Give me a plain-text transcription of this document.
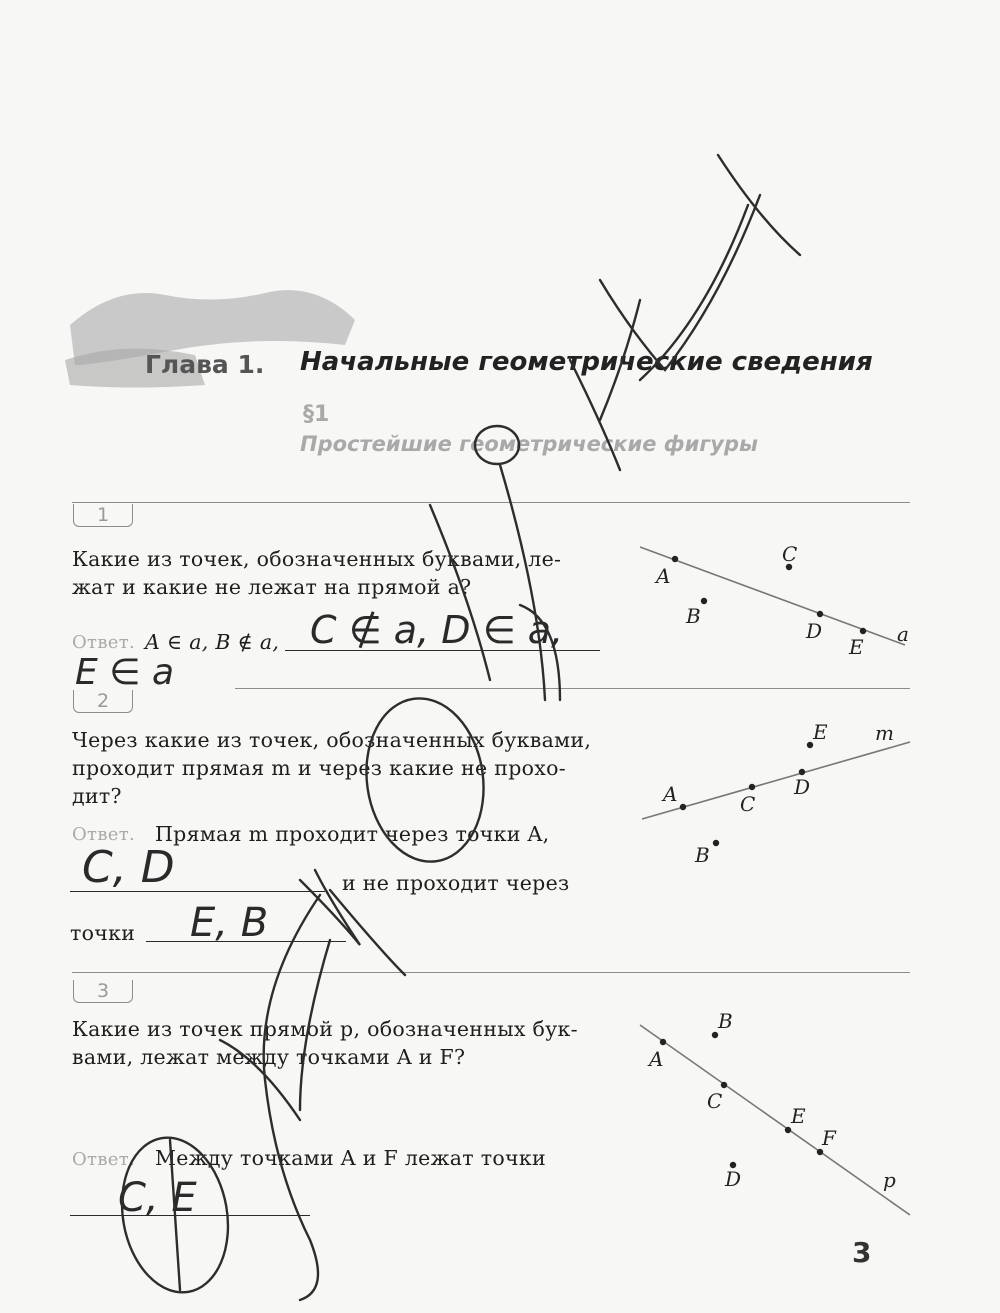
Глава 1. Начальные геометрические сведения
§1
Простейшие геометрические фигуры
1
Какие из точек, обозначенных буквами, ле-
жат и какие не лежат на прямой a?
Ответ. A ∈ a, B ∉ a, C ∉ a, D ∈ a,
E ∈ a
A
B
C
D
E
a
2
Через какие из точек, обозначенных буквами,
проходит прямая m и через какие не прохо-
дит?
Ответ. Прямая m проходит через точки A,
C, D	и не проходит через
точки E, B
A	C
D
E
B
m
3
Какие из точек прямой p, обозначенных бук-
вами, лежат между точками A и F?
Ответ. Между точками A и F лежат точки
C, E
A
B
C
E
F
D	p
3
